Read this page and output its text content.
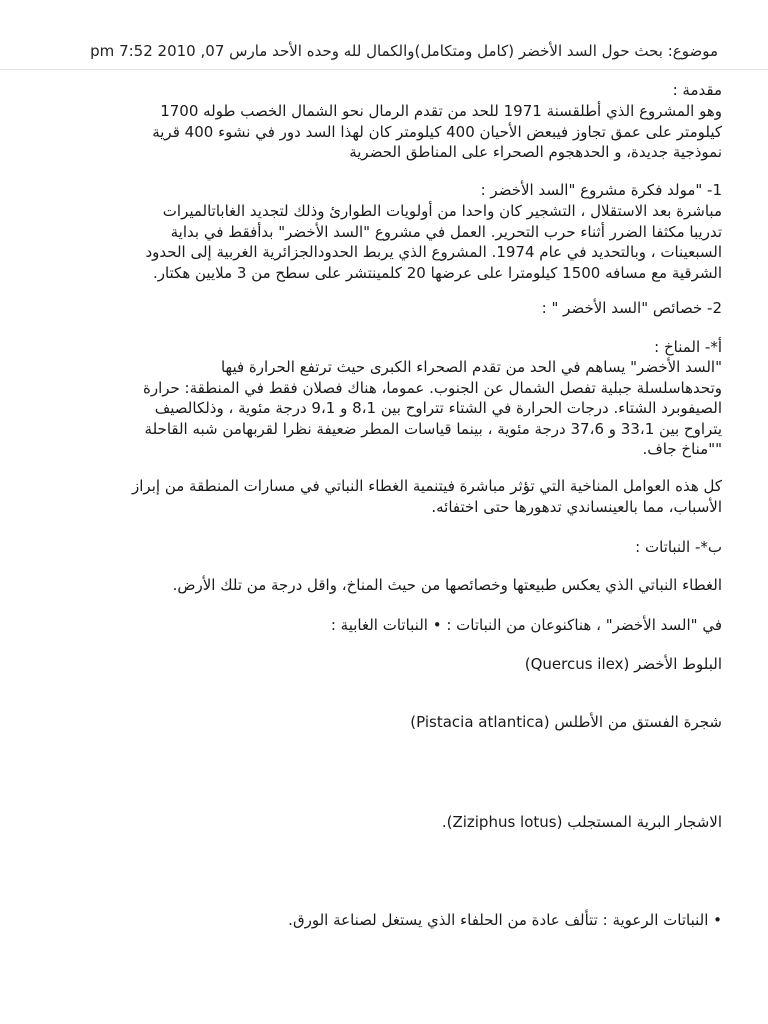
موضوع: بحث حول السد الأخضر (كامل ومتكامل)والكمال لله وحده الأحد مارس 07, 2010 7:52 pm
مقدمة :
وهو المشروع الذي أطلقسنة 1971 للحد من تقدم الرمال نحو الشمال الخصب طوله 1700
كيلومتر على عمق تجاوز فيبعض الأحيان 400 كيلومتر كان لهذا السد دور في نشوء 400 قرية
نموذجية جديدة، و الحدهجوم الصحراء على المناطق الحضرية
1- "مولد فكرة مشروع "السد الأخضر :
مباشرة بعد الاستقلال ، التشجير كان واحدا من أولويات الطوارئ وذلك لتجديد الغاباتالميرات
تدريبا مكثفا الضرر أثناء حرب التحرير. العمل في مشروع "السد الأخضر" بدأفقط في بداية
السبعينات ، وبالتحديد في عام 1974. المشروع الذي يربط الحدودالجزائرية الغربية إلى الحدود
الشرقية مع مسافه 1500 كيلومترا على عرضها 20 كلمينتشر على سطح من 3 ملايين هكتار.
2- خصائص "السد الأخضر " :
أ*- المناخ :
"السد الأخضر" يساهم في الحد من تقدم الصحراء الكبرى حيث ترتفع الحرارة فيها
وتحدهاسلسلة جبلية تفصل الشمال عن الجنوب. عموما، هناك فصلان فقط في المنطقة: حرارة
الصيفوبرد الشتاء. درجات الحرارة في الشتاء تتراوح بين 8،1 و 9،1 درجة مئوية ، وذلكالصيف
يتراوح بين 33،1 و 37،6 درجة مئوية ، بينما قياسات المطر ضعيفة نظرا لقربهامن شبه القاحلة
""مناخ جاف.
كل هذه العوامل المناخية التي تؤثر مباشرة فيتنمية الغطاء النباتي في مسارات المنطقة من إبراز
الأسباب، مما بالعينساندي تدهورها حتى اختفائه.
ب*- النباتات :
الغطاء النباتي الذي يعكس طبيعتها وخصائصها من حيث المناخ، واقل درجة من تلك الأرض.
في "السد الأخضر" ، هناكنوعان من النباتات : • النباتات الغابية :
البلوط الأخضر (Quercus ilex)
شجرة الفستق من الأطلس (Pistacia atlantica)
الاشجار البرية المستجلب (Ziziphus lotus).
• النباتات الرعوية : تتألف عادة من الحلفاء الذي يستغل لصناعة الورق.
